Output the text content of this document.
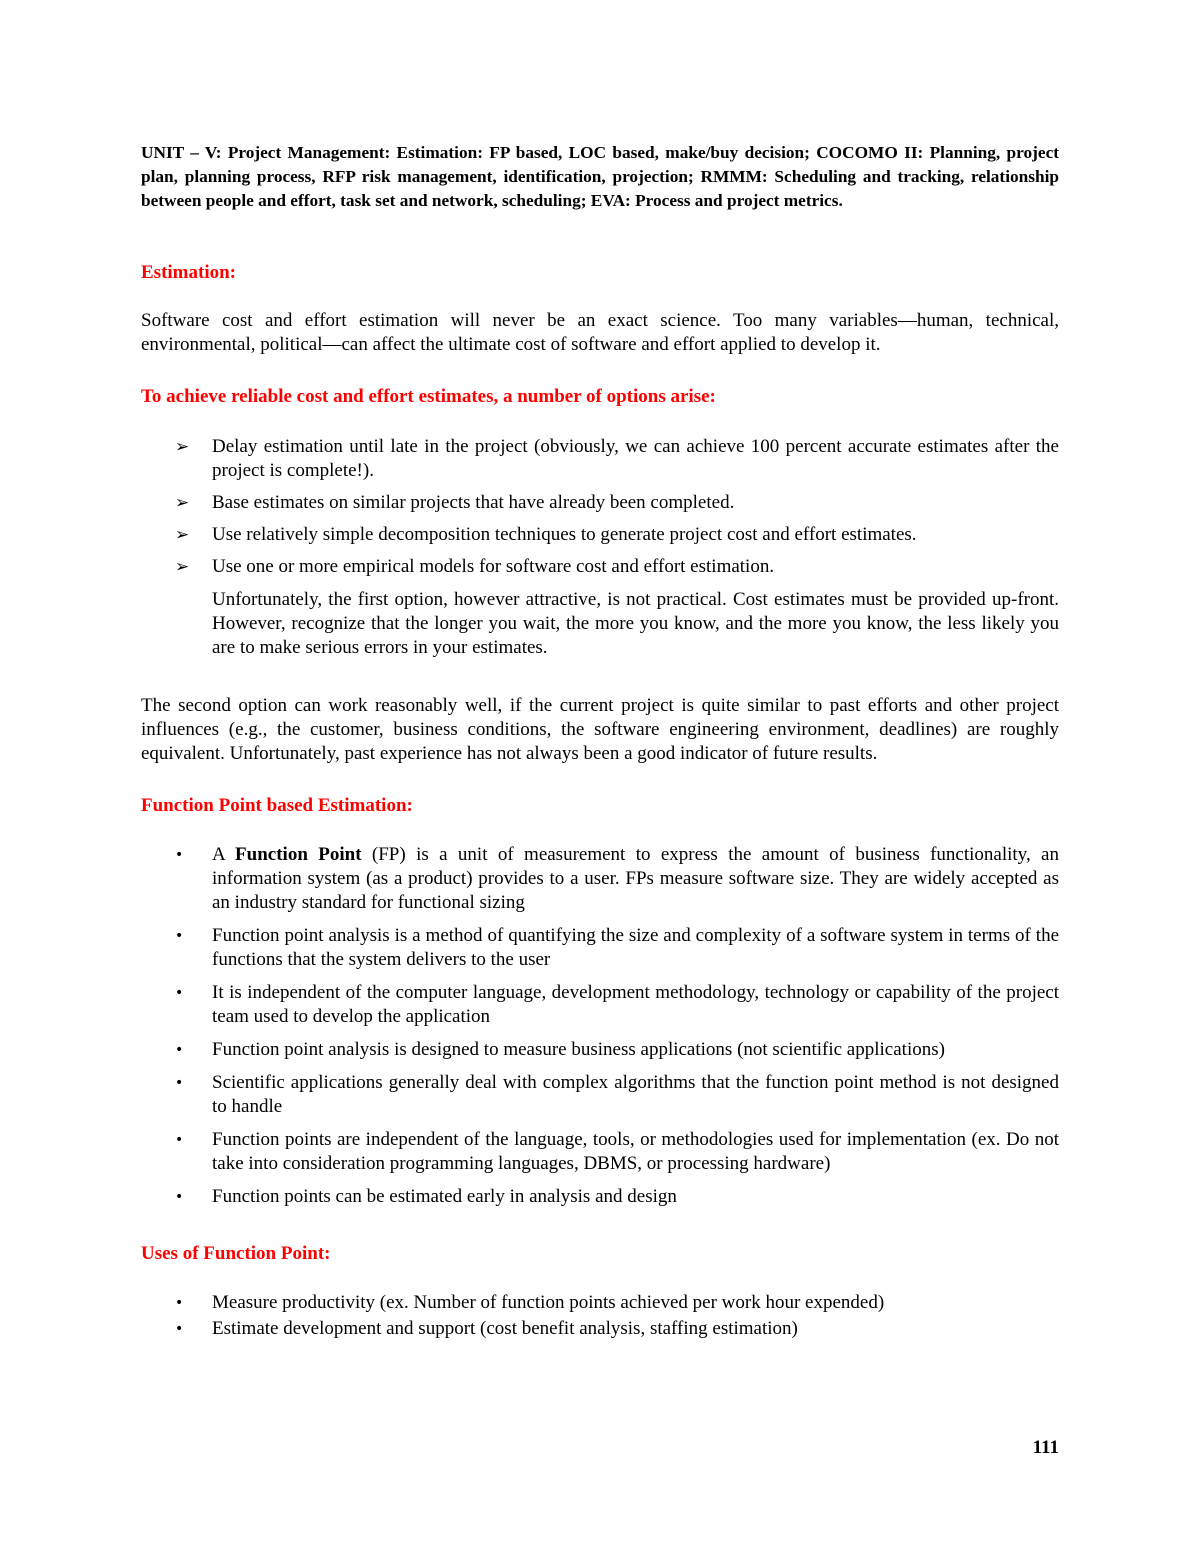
UNIT – V: Project Management: Estimation: FP based, LOC based, make/buy decision; COCOMO II: Planning, project plan, planning process, RFP risk management, identification, projection; RMMM: Scheduling and tracking, relationship between people and effort, task set and network, scheduling; EVA: Process and project metrics.

Estimation:

Software cost and effort estimation will never be an exact science. Too many variables—human, technical, environmental, political—can affect the ultimate cost of software and effort applied to develop it.

To achieve reliable cost and effort estimates, a number of options arise:
➢	Delay estimation until late in the project (obviously, we can achieve 100 percent accurate estimates after the project is complete!).
➢	Base estimates on similar projects that have already been completed.
➢	Use relatively simple decomposition techniques to generate project cost and effort estimates.
➢	Use one or more empirical models for software cost and effort estimation.

Unfortunately, the first option, however attractive, is not practical. Cost estimates must be provided up-front. However, recognize that the longer you wait, the more you know, and the more you know, the less likely you are to make serious errors in your estimates.

The second option can work reasonably well, if the current project is quite similar to past efforts and other project influences (e.g., the customer, business conditions, the software engineering environment, deadlines) are roughly equivalent. Unfortunately, past experience has not always been a good indicator of future results.

Function Point based Estimation:
•	A Function Point (FP) is a unit of measurement to express the amount of business functionality, an information system (as a product) provides to a user. FPs measure software size. They are widely accepted as an industry standard for functional sizing
•	Function point analysis is a method of quantifying the size and complexity of a software system in terms of the functions that the system delivers to the user
•	It is independent of the computer language, development methodology, technology or capability of the project team used to develop the application
•	Function point analysis is designed to measure business applications (not scientific applications)
•	Scientific applications generally deal with complex algorithms that the function point method is not designed to handle
•	Function points are independent of the language, tools, or methodologies used for implementation (ex. Do not take into consideration programming languages, DBMS, or processing hardware)
•	Function points can be estimated early in analysis and design
Uses of Function Point:
•	Measure productivity (ex. Number of function points achieved per work hour expended)
•	Estimate development and support (cost benefit analysis, staffing estimation)
111
